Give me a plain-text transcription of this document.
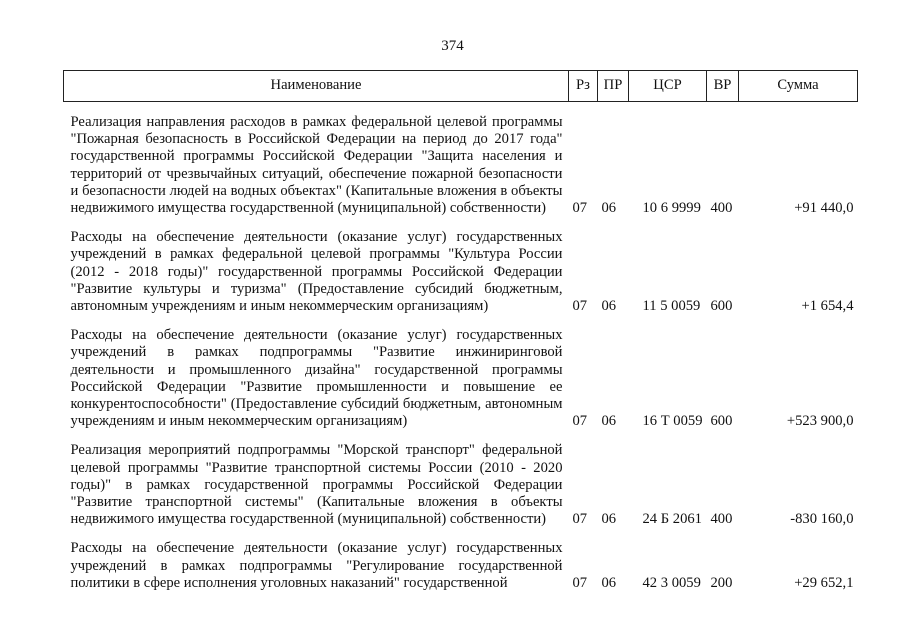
374
Наименование	Рз	ПР	ЦСР	ВР	Сумма

Реализация направления расходов в рамках федеральной целевой программы "Пожарная безопасность в Российской Федерации на период до 2017 года" государственной программы Российской Федерации "Защита населения и территорий от чрезвычайных ситуаций, обеспечение пожарной безопасности и безопасности людей на водных объектах" (Капитальные вложения в объекты недвижимого имущества государственной (муниципальной) собственности)	07	06	10 6 9999	400	+91 440,0

Расходы на обеспечение деятельности (оказание услуг) государственных учреждений в рамках федеральной целевой программы "Культура России (2012 - 2018 годы)" государственной программы Российской Федерации "Развитие культуры и туризма" (Предоставление субсидий бюджетным, автономным учреждениям и иным некоммерческим организациям)	07	06	11 5 0059	600	+1 654,4

Расходы на обеспечение деятельности (оказание услуг) государственных учреждений в рамках подпрограммы "Развитие инжиниринговой деятельности и промышленного дизайна" государственной программы Российской Федерации "Развитие промышленности и повышение ее конкурентоспособности" (Предоставление субсидий бюджетным, автономным учреждениям и иным некоммерческим организациям)	07	06	16 Т 0059	600	+523 900,0

Реализация мероприятий подпрограммы "Морской транспорт" федеральной целевой программы "Развитие транспортной системы России (2010 - 2020 годы)" в рамках государственной программы Российской Федерации "Развитие транспортной системы" (Капитальные вложения в объекты недвижимого имущества государственной (муниципальной) собственности)	07	06	24 Б 2061	400	-830 160,0

Расходы на обеспечение деятельности (оказание услуг) государственных учреждений в рамках подпрограммы "Регулирование государственной политики в сфере исполнения уголовных наказаний" государственной	07	06	42 3 0059	200	+29 652,1
